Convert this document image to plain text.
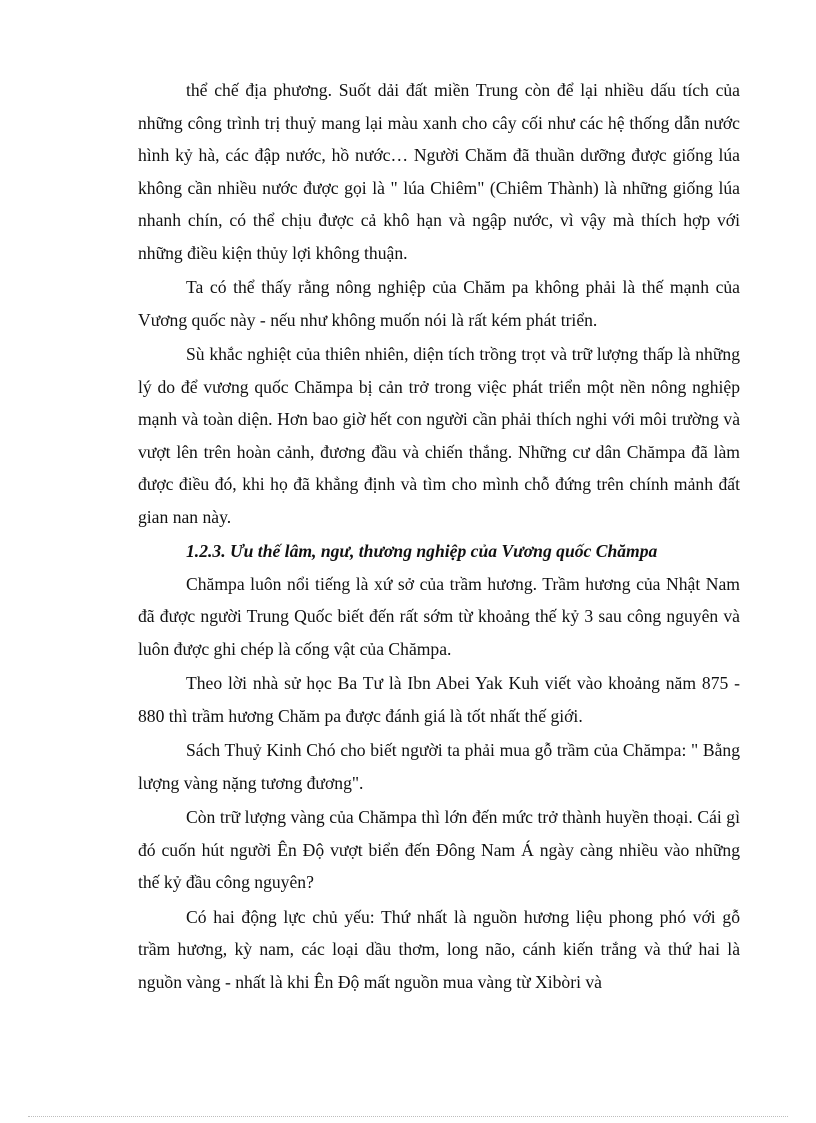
thể chế địa phương. Suốt dải đất miền Trung còn để lại nhiều dấu tích của những công trình trị thuỷ mang lại màu xanh cho cây cối như các hệ thống dẫn nước hình kỷ hà, các đập nước, hồ nước… Người Chăm đã thuần dưỡng được giống lúa không cần nhiều nước được gọi là " lúa Chiêm" (Chiêm Thành) là những giống lúa nhanh chín, có thể chịu được cả khô hạn và ngập nước, vì vậy mà thích hợp với những điều kiện thủy lợi không thuận.

Ta có thể thấy rằng nông nghiệp của Chăm pa không phải là thế mạnh của Vương quốc này - nếu như không muốn nói là rất kém phát triển.

Sù khắc nghiệt của thiên nhiên, diện tích trồng trọt và trữ lượng thấp là những lý do để vương quốc Chămpa bị cản trở trong việc phát triển một nền nông nghiệp mạnh và toàn diện. Hơn bao giờ hết con người cần phải thích nghi với môi trường và vượt lên trên hoàn cảnh, đương đầu và chiến thắng. Những cư dân Chămpa đã làm được điều đó, khi họ đã khẳng định và tìm cho mình chỗ đứng trên chính mảnh đất gian nan này.

1.2.3. Ưu thế lâm, ngư, thương nghiệp của Vương quốc Chămpa

Chămpa luôn nổi tiếng là xứ sở của trầm hương. Trầm hương của Nhật Nam đã được người Trung Quốc biết đến rất sớm từ khoảng thế kỷ 3 sau công nguyên và luôn được ghi chép là cống vật của Chămpa.

Theo lời nhà sử học Ba Tư là Ibn Abei Yak Kuh viết vào khoảng năm 875 - 880 thì trầm hương Chăm pa được đánh giá là tốt nhất thế giới.

Sách Thuỷ Kinh Chó cho biết người ta phải mua gỗ trầm của Chămpa: " Bằng lượng vàng nặng tương đương".

Còn trữ lượng vàng của Chămpa thì lớn đến mức trở thành huyền thoại. Cái gì đó cuốn hút người Ên Độ vượt biển đến Đông Nam Á ngày càng nhiều vào những thế kỷ đầu công nguyên?

Có hai động lực chủ yếu: Thứ nhất là nguồn hương liệu phong phó với gỗ trầm hương, kỳ nam, các loại dầu thơm, long não, cánh kiến trắng và thứ hai là nguồn vàng - nhất là khi Ên Độ mất nguồn mua vàng từ Xibòri và
